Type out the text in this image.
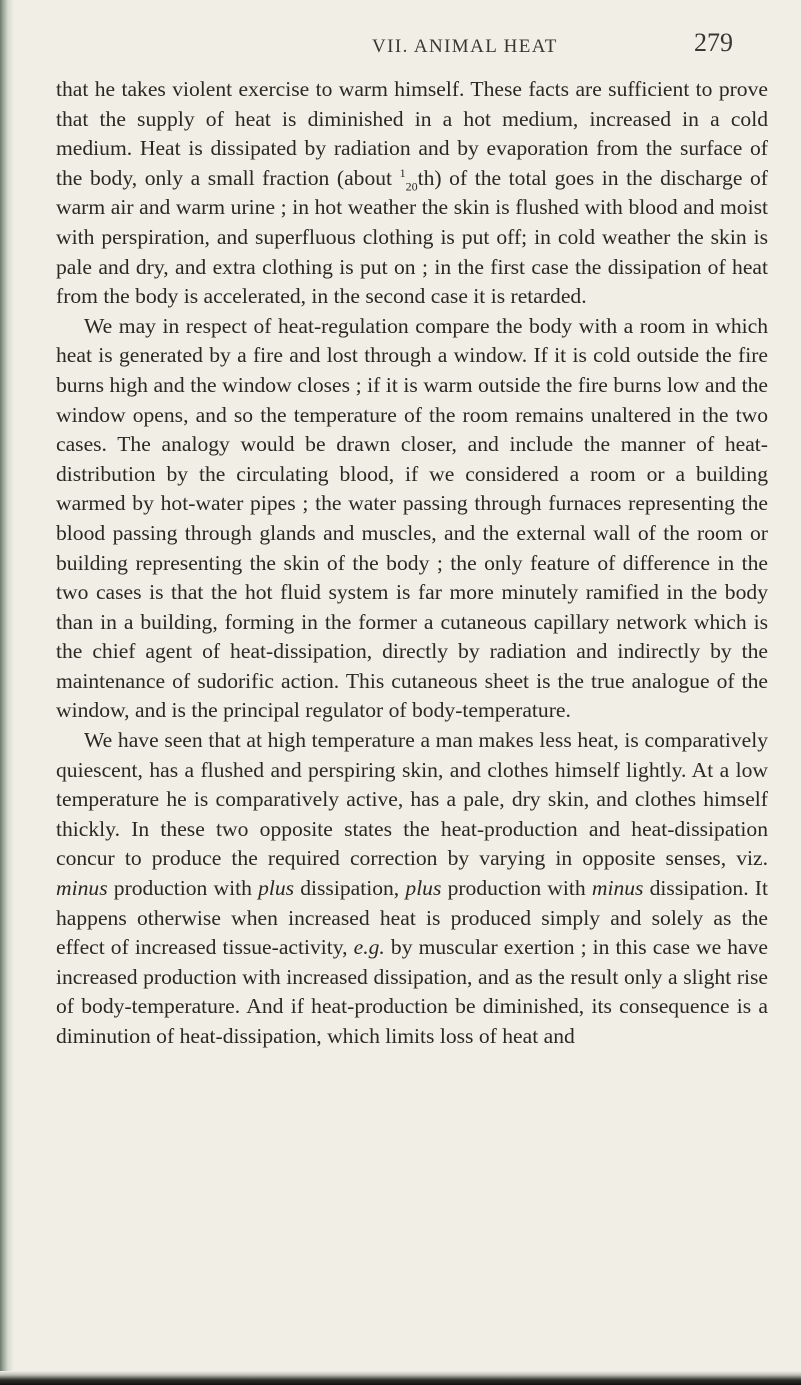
VII. ANIMAL HEAT	279

that he takes violent exercise to warm himself. These facts are sufficient to prove that the supply of heat is diminished in a hot medium, increased in a cold medium. Heat is dissipated by radiation and by evaporation from the surface of the body, only a small fraction (about $^1_{20}$th) of the total goes in the discharge of warm air and warm urine ; in hot weather the skin is flushed with blood and moist with perspiration, and superfluous clothing is put off; in cold weather the skin is pale and dry, and extra clothing is put on ; in the first case the dissipation of heat from the body is accelerated, in the second case it is retarded.

We may in respect of heat-regulation compare the body with a room in which heat is generated by a fire and lost through a window. If it is cold outside the fire burns high and the window closes ; if it is warm outside the fire burns low and the window opens, and so the temperature of the room remains unaltered in the two cases. The analogy would be drawn closer, and include the manner of heat-distribution by the circulating blood, if we considered a room or a building warmed by hot-water pipes ; the water passing through furnaces representing the blood passing through glands and muscles, and the external wall of the room or building representing the skin of the body ; the only feature of difference in the two cases is that the hot fluid system is far more minutely ramified in the body than in a building, forming in the former a cutaneous capillary network which is the chief agent of heat-dissipation, directly by radiation and indirectly by the maintenance of sudorific action. This cutaneous sheet is the true analogue of the window, and is the principal regulator of body-temperature.

We have seen that at high temperature a man makes less heat, is comparatively quiescent, has a flushed and perspiring skin, and clothes himself lightly. At a low temperature he is comparatively active, has a pale, dry skin, and clothes himself thickly. In these two opposite states the heat-production and heat-dissipation concur to produce the required correction by varying in opposite senses, viz. minus production with plus dissipation, plus production with minus dissipation. It happens otherwise when increased heat is produced simply and solely as the effect of increased tissue-activity, e.g. by muscular exertion ; in this case we have increased production with increased dissipation, and as the result only a slight rise of body-temperature. And if heat-production be diminished, its consequence is a diminution of heat-dissipation, which limits loss of heat and
